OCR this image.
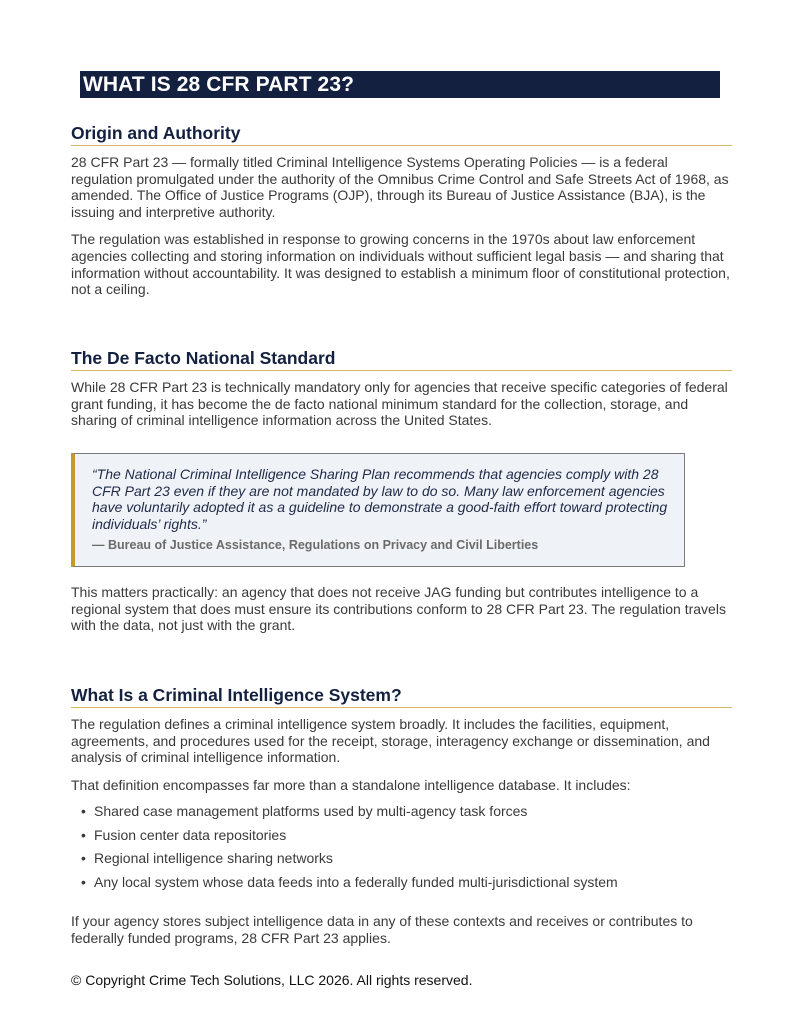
WHAT IS 28 CFR PART 23?
Origin and Authority

28 CFR Part 23 — formally titled Criminal Intelligence Systems Operating Policies — is a federal regulation promulgated under the authority of the Omnibus Crime Control and Safe Streets Act of 1968, as amended. The Office of Justice Programs (OJP), through its Bureau of Justice Assistance (BJA), is the issuing and interpretive authority.

The regulation was established in response to growing concerns in the 1970s about law enforcement agencies collecting and storing information on individuals without sufficient legal basis — and sharing that information without accountability. It was designed to establish a minimum floor of constitutional protection, not a ceiling.

The De Facto National Standard

While 28 CFR Part 23 is technically mandatory only for agencies that receive specific categories of federal grant funding, it has become the de facto national minimum standard for the collection, storage, and sharing of criminal intelligence information across the United States.

“The National Criminal Intelligence Sharing Plan recommends that agencies comply with 28 CFR Part 23 even if they are not mandated by law to do so. Many law enforcement agencies have voluntarily adopted it as a guideline to demonstrate a good-faith effort toward protecting individuals’ rights.”

— Bureau of Justice Assistance, Regulations on Privacy and Civil Liberties

This matters practically: an agency that does not receive JAG funding but contributes intelligence to a regional system that does must ensure its contributions conform to 28 CFR Part 23. The regulation travels with the data, not just with the grant.

What Is a Criminal Intelligence System?

The regulation defines a criminal intelligence system broadly. It includes the facilities, equipment, agreements, and procedures used for the receipt, storage, interagency exchange or dissemination, and analysis of criminal intelligence information.

That definition encompasses far more than a standalone intelligence database. It includes:

• Shared case management platforms used by multi-agency task forces
• Fusion center data repositories
• Regional intelligence sharing networks
• Any local system whose data feeds into a federally funded multi-jurisdictional system

If your agency stores subject intelligence data in any of these contexts and receives or contributes to federally funded programs, 28 CFR Part 23 applies.

© Copyright Crime Tech Solutions, LLC 2026. All rights reserved.
